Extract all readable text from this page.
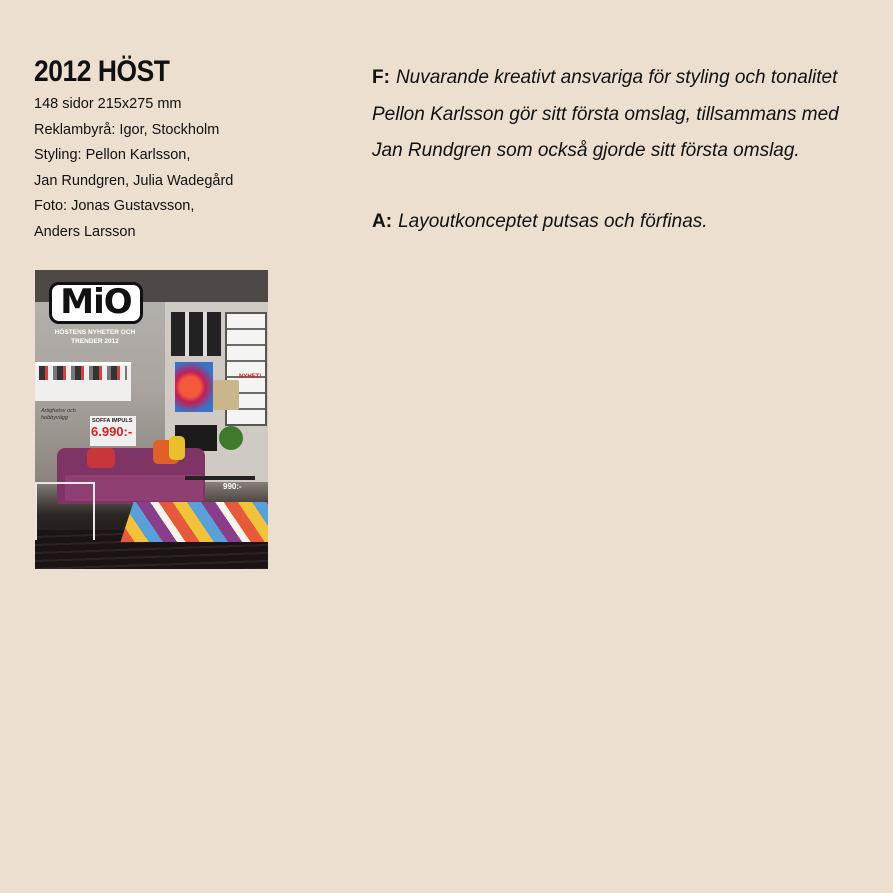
2012 HÖST
148 sidor 215x275 mm
Reklambyrå: Igor, Stockholm
Styling: Pellon Karlsson,
Jan Rundgren, Julia Wadegård
Foto: Jonas Gustavsson,
Anders Larsson
MiO
HÖSTENS NYHETER OCH TRENDER 2012
NYHET!
Artighetsv och hobbyvägg	SOFFA IMPULS
6.990:-
990:-

F: Nuvarande kreativt ansvariga för styling och tonalitet Pellon Karlsson gör sitt första omslag, tillsammans med Jan Rundgren som också gjorde sitt första omslag.

A: Layoutkonceptet putsas och förfinas.
